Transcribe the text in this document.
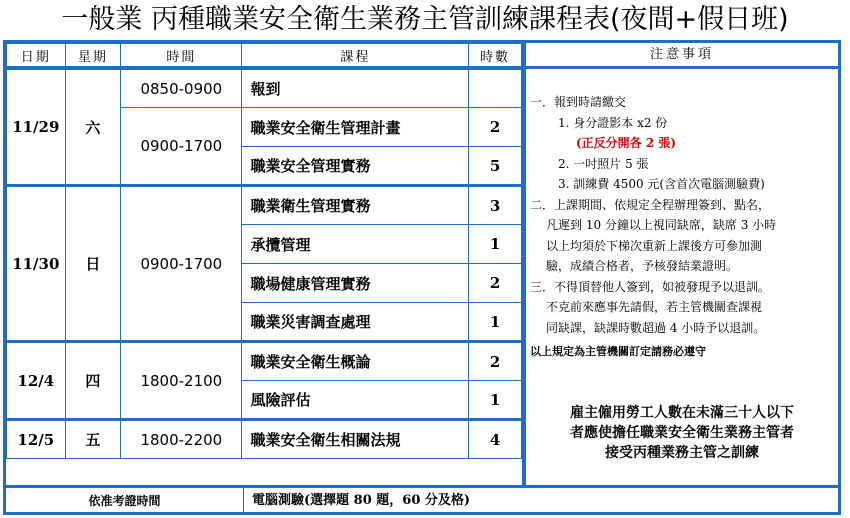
一般業 丙種職業安全衛生業務主管訓練課程表(夜間+假日班)
日期	星期	時間	課程	時數
11/29	六	0850-0900	報到	
		0900-1700	職業安全衛生管理計畫	2
			職業安全管理實務	5
11/30	日	0900-1700	職業衛生管理實務	3
			承攬管理	1
			職場健康管理實務	2
			職業災害調查處理	1
12/4	四	1800-2100	職業安全衛生概論	2
			風險評估	1
12/5	五	1800-2200	職業安全衛生相關法規	4
注意事項
一．報到時請繳交
1. 身分證影本 x2 份
(正反分開各 2 張)
2. 一吋照片 5 張
3. 訓練費 4500 元(含首次電腦測驗費)
二．上課期間、依規定全程辦理簽到、點名，
凡遲到 10 分鐘以上視同缺席，缺席 3 小時
以上均須於下梯次重新上課後方可參加測
驗，成績合格者，予核發結業證明。
三．不得頂替他人簽到，如被發現予以退訓。
不克前來應事先請假，若主管機關查課視
同缺課，缺課時數超過 4 小時予以退訓。
以上規定為主管機關訂定請務必遵守
雇主僱用勞工人數在未滿三十人以下
者應使擔任職業安全衛生業務主管者
接受丙種業務主管之訓練
依准考證時間	電腦測驗(選擇題 80 題，60 分及格)
